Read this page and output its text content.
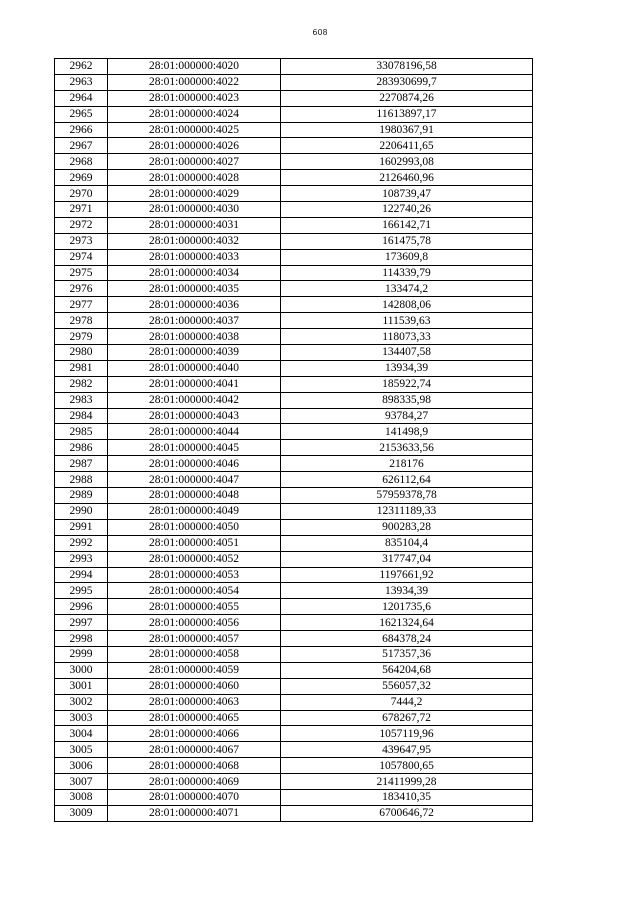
608
2962	28:01:000000:4020	33078196,58
2963	28:01:000000:4022	283930699,7
2964	28:01:000000:4023	2270874,26
2965	28:01:000000:4024	11613897,17
2966	28:01:000000:4025	1980367,91
2967	28:01:000000:4026	2206411,65
2968	28:01:000000:4027	1602993,08
2969	28:01:000000:4028	2126460,96
2970	28:01:000000:4029	108739,47
2971	28:01:000000:4030	122740,26
2972	28:01:000000:4031	166142,71
2973	28:01:000000:4032	161475,78
2974	28:01:000000:4033	173609,8
2975	28:01:000000:4034	114339,79
2976	28:01:000000:4035	133474,2
2977	28:01:000000:4036	142808,06
2978	28:01:000000:4037	111539,63
2979	28:01:000000:4038	118073,33
2980	28:01:000000:4039	134407,58
2981	28:01:000000:4040	13934,39
2982	28:01:000000:4041	185922,74
2983	28:01:000000:4042	898335,98
2984	28:01:000000:4043	93784,27
2985	28:01:000000:4044	141498,9
2986	28:01:000000:4045	2153633,56
2987	28:01:000000:4046	218176
2988	28:01:000000:4047	626112,64
2989	28:01:000000:4048	57959378,78
2990	28:01:000000:4049	12311189,33
2991	28:01:000000:4050	900283,28
2992	28:01:000000:4051	835104,4
2993	28:01:000000:4052	317747,04
2994	28:01:000000:4053	1197661,92
2995	28:01:000000:4054	13934,39
2996	28:01:000000:4055	1201735,6
2997	28:01:000000:4056	1621324,64
2998	28:01:000000:4057	684378,24
2999	28:01:000000:4058	517357,36
3000	28:01:000000:4059	564204,68
3001	28:01:000000:4060	556057,32
3002	28:01:000000:4063	7444,2
3003	28:01:000000:4065	678267,72
3004	28:01:000000:4066	1057119,96
3005	28:01:000000:4067	439647,95
3006	28:01:000000:4068	1057800,65
3007	28:01:000000:4069	21411999,28
3008	28:01:000000:4070	183410,35
3009	28:01:000000:4071	6700646,72
